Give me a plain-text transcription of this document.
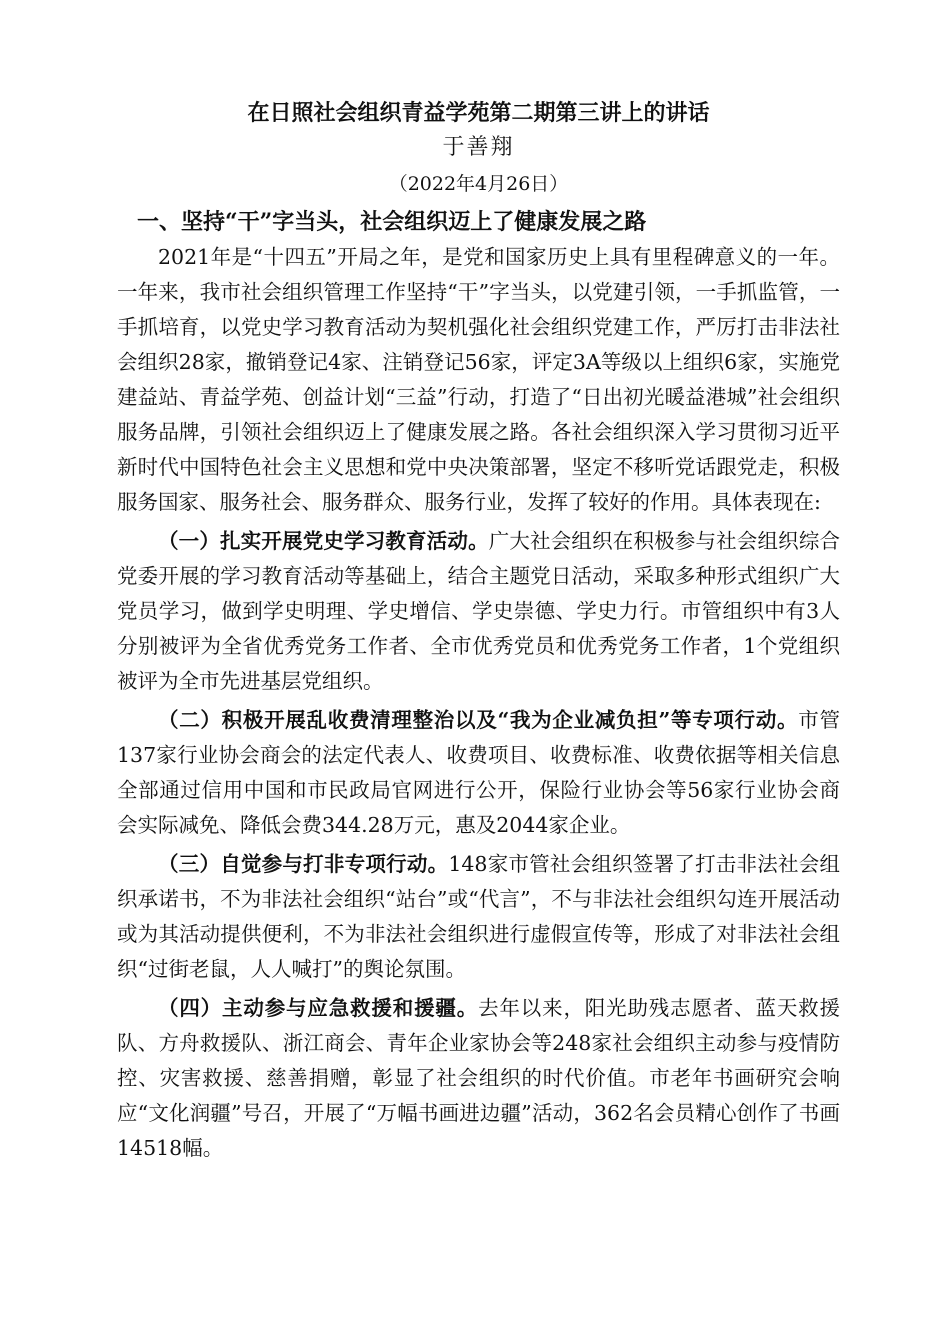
在日照社会组织青益学苑第二期第三讲上的讲话

于善翔

（2022年4月26日）

一、坚持“干”字当头，社会组织迈上了健康发展之路

2021年是“十四五”开局之年，是党和国家历史上具有里程碑意义的一年。一年来，我市社会组织管理工作坚持“干”字当头，以党建引领，一手抓监管，一手抓培育，以党史学习教育活动为契机强化社会组织党建工作，严厉打击非法社会组织28家，撤销登记4家、注销登记56家，评定3A等级以上组织6家，实施党建益站、青益学苑、创益计划“三益”行动，打造了“日出初光暖益港城”社会组织服务品牌，引领社会组织迈上了健康发展之路。各社会组织深入学习贯彻习近平新时代中国特色社会主义思想和党中央决策部署，坚定不移听党话跟党走，积极服务国家、服务社会、服务群众、服务行业，发挥了较好的作用。具体表现在:

（一）扎实开展党史学习教育活动。广大社会组织在积极参与社会组织综合党委开展的学习教育活动等基础上，结合主题党日活动，采取多种形式组织广大党员学习，做到学史明理、学史增信、学史崇德、学史力行。市管组织中有3人分别被评为全省优秀党务工作者、全市优秀党员和优秀党务工作者，1个党组织被评为全市先进基层党组织。

（二）积极开展乱收费清理整治以及“我为企业减负担”等专项行动。市管137家行业协会商会的法定代表人、收费项目、收费标准、收费依据等相关信息全部通过信用中国和市民政局官网进行公开，保险行业协会等56家行业协会商会实际减免、降低会费344.28万元，惠及2044家企业。

（三）自觉参与打非专项行动。148家市管社会组织签署了打击非法社会组织承诺书，不为非法社会组织“站台”或“代言”，不与非法社会组织勾连开展活动或为其活动提供便利，不为非法社会组织进行虚假宣传等，形成了对非法社会组织“过街老鼠，人人喊打”的舆论氛围。

（四）主动参与应急救援和援疆。去年以来，阳光助残志愿者、蓝天救援队、方舟救援队、浙江商会、青年企业家协会等248家社会组织主动参与疫情防控、灾害救援、慈善捐赠，彰显了社会组织的时代价值。市老年书画研究会响应“文化润疆”号召，开展了“万幅书画进边疆”活动，362名会员精心创作了书画14518幅。
